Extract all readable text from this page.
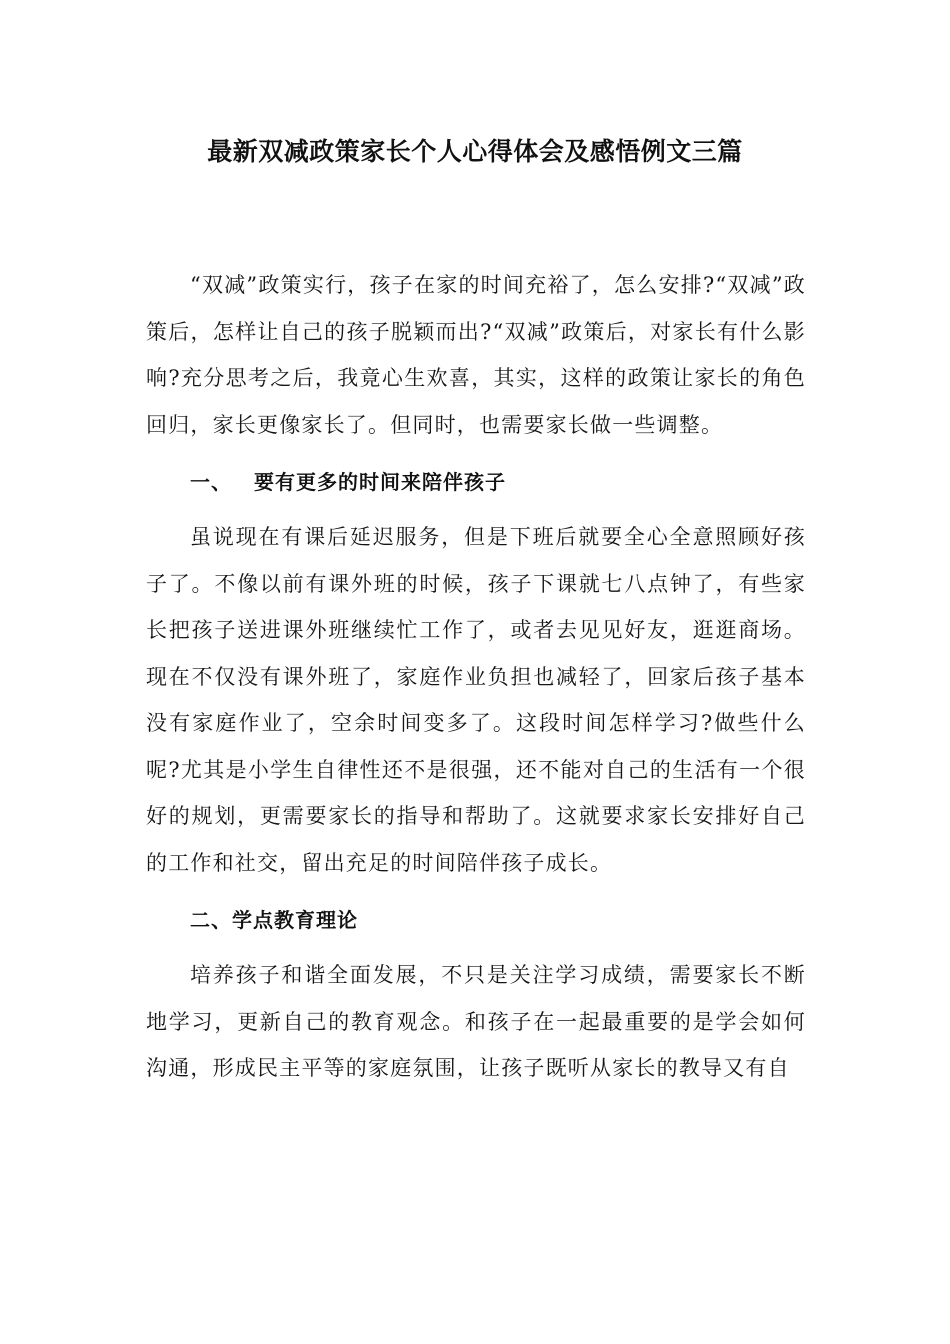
最新双减政策家长个人心得体会及感悟例文三篇

“双减”政策实行，孩子在家的时间充裕了，怎么安排?“双减”政策后，怎样让自己的孩子脱颖而出?“双减”政策后，对家长有什么影响?充分思考之后，我竟心生欢喜，其实，这样的政策让家长的角色回归，家长更像家长了。但同时，也需要家长做一些调整。

一、 要有更多的时间来陪伴孩子

虽说现在有课后延迟服务，但是下班后就要全心全意照顾好孩子了。不像以前有课外班的时候，孩子下课就七八点钟了，有些家长把孩子送进课外班继续忙工作了，或者去见见好友，逛逛商场。现在不仅没有课外班了，家庭作业负担也减轻了，回家后孩子基本没有家庭作业了，空余时间变多了。这段时间怎样学习?做些什么呢?尤其是小学生自律性还不是很强，还不能对自己的生活有一个很好的规划，更需要家长的指导和帮助了。这就要求家长安排好自己的工作和社交，留出充足的时间陪伴孩子成长。

二、学点教育理论

培养孩子和谐全面发展，不只是关注学习成绩，需要家长不断地学习，更新自己的教育观念。和孩子在一起最重要的是学会如何沟通，形成民主平等的家庭氛围，让孩子既听从家长的教导又有自
